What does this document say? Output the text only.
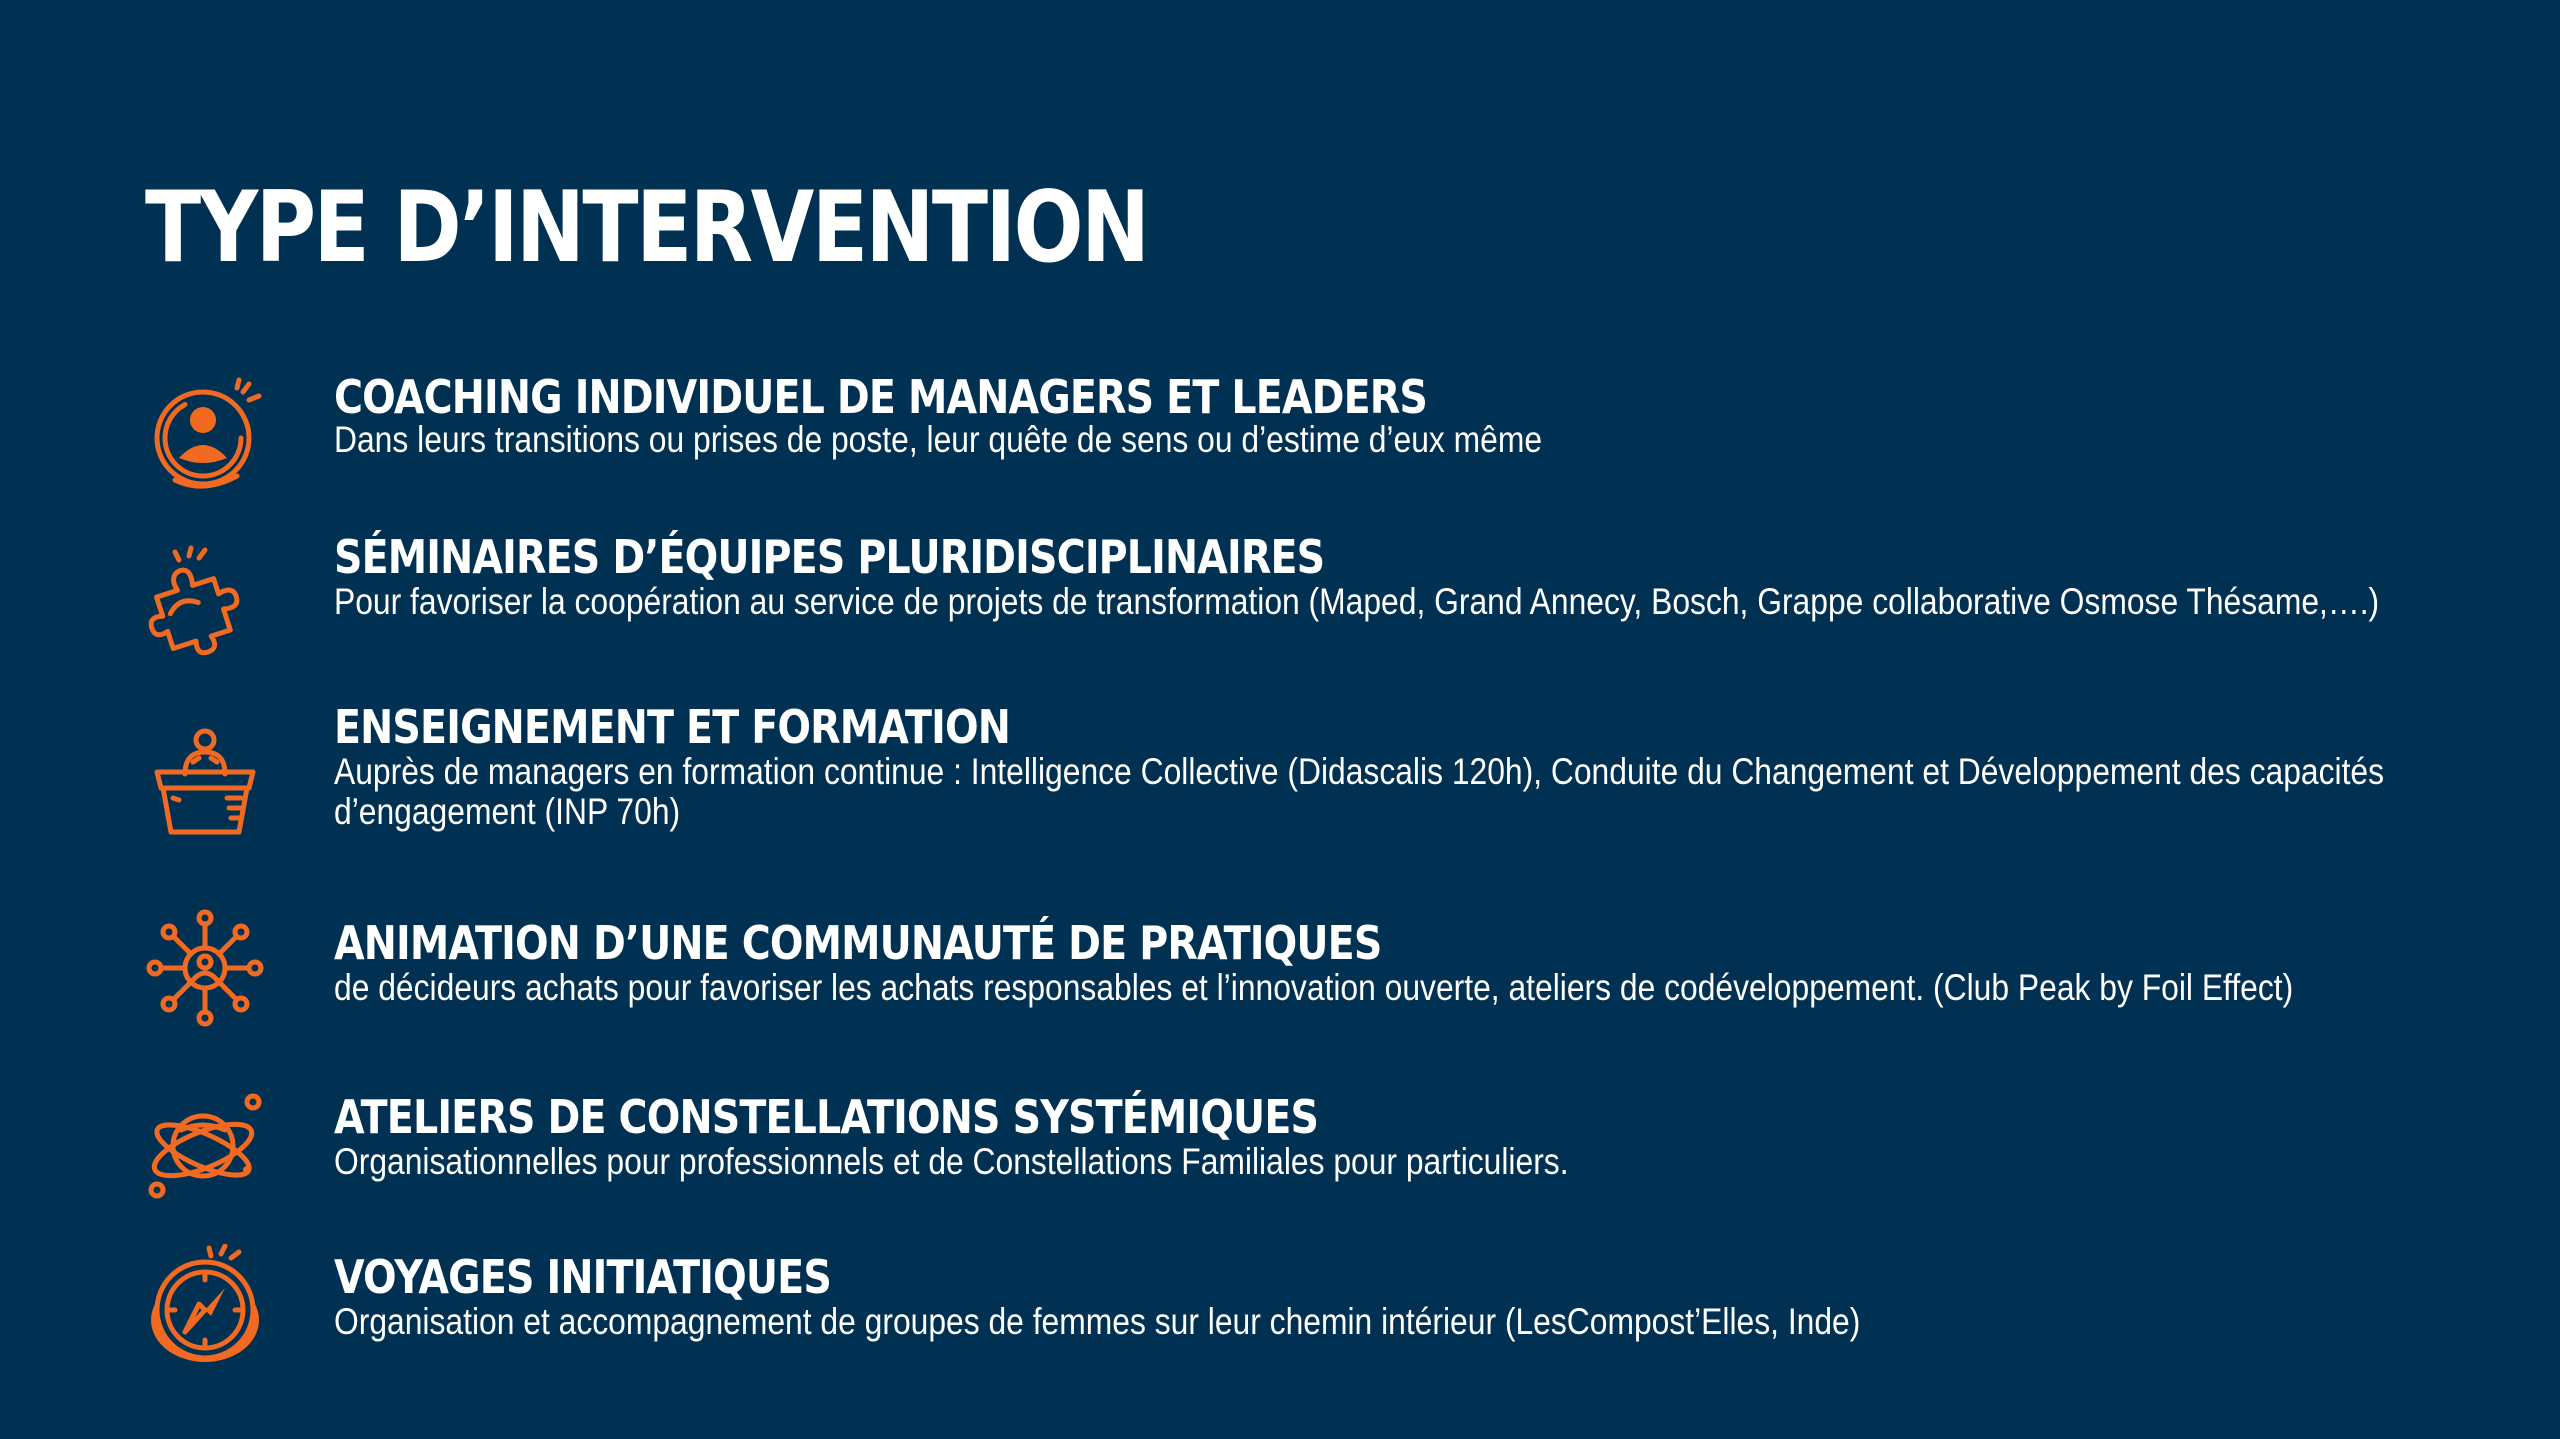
TYPE D’INTERVENTION

COACHING INDIVIDUEL DE MANAGERS ET LEADERS

Dans leurs transitions ou prises de poste, leur quête de sens ou d’estime d’eux même

SÉMINAIRES D’ÉQUIPES PLURIDISCIPLINAIRES

Pour favoriser la coopération au service de projets de transformation (Maped, Grand Annecy, Bosch, Grappe collaborative Osmose Thésame,….)

ENSEIGNEMENT ET FORMATION

Auprès de managers en formation continue : Intelligence Collective (Didascalis 120h), Conduite du Changement et Développement des capacités d’engagement (INP 70h)

ANIMATION D’UNE COMMUNAUTÉ DE PRATIQUES

de décideurs achats pour favoriser les achats responsables et l’innovation ouverte, ateliers de codéveloppement. (Club Peak by Foil Effect)

ATELIERS DE CONSTELLATIONS SYSTÉMIQUES

Organisationnelles pour professionnels et de Constellations Familiales pour particuliers.

VOYAGES INITIATIQUES

Organisation et accompagnement de groupes de femmes sur leur chemin intérieur (LesCompost’Elles, Inde)
